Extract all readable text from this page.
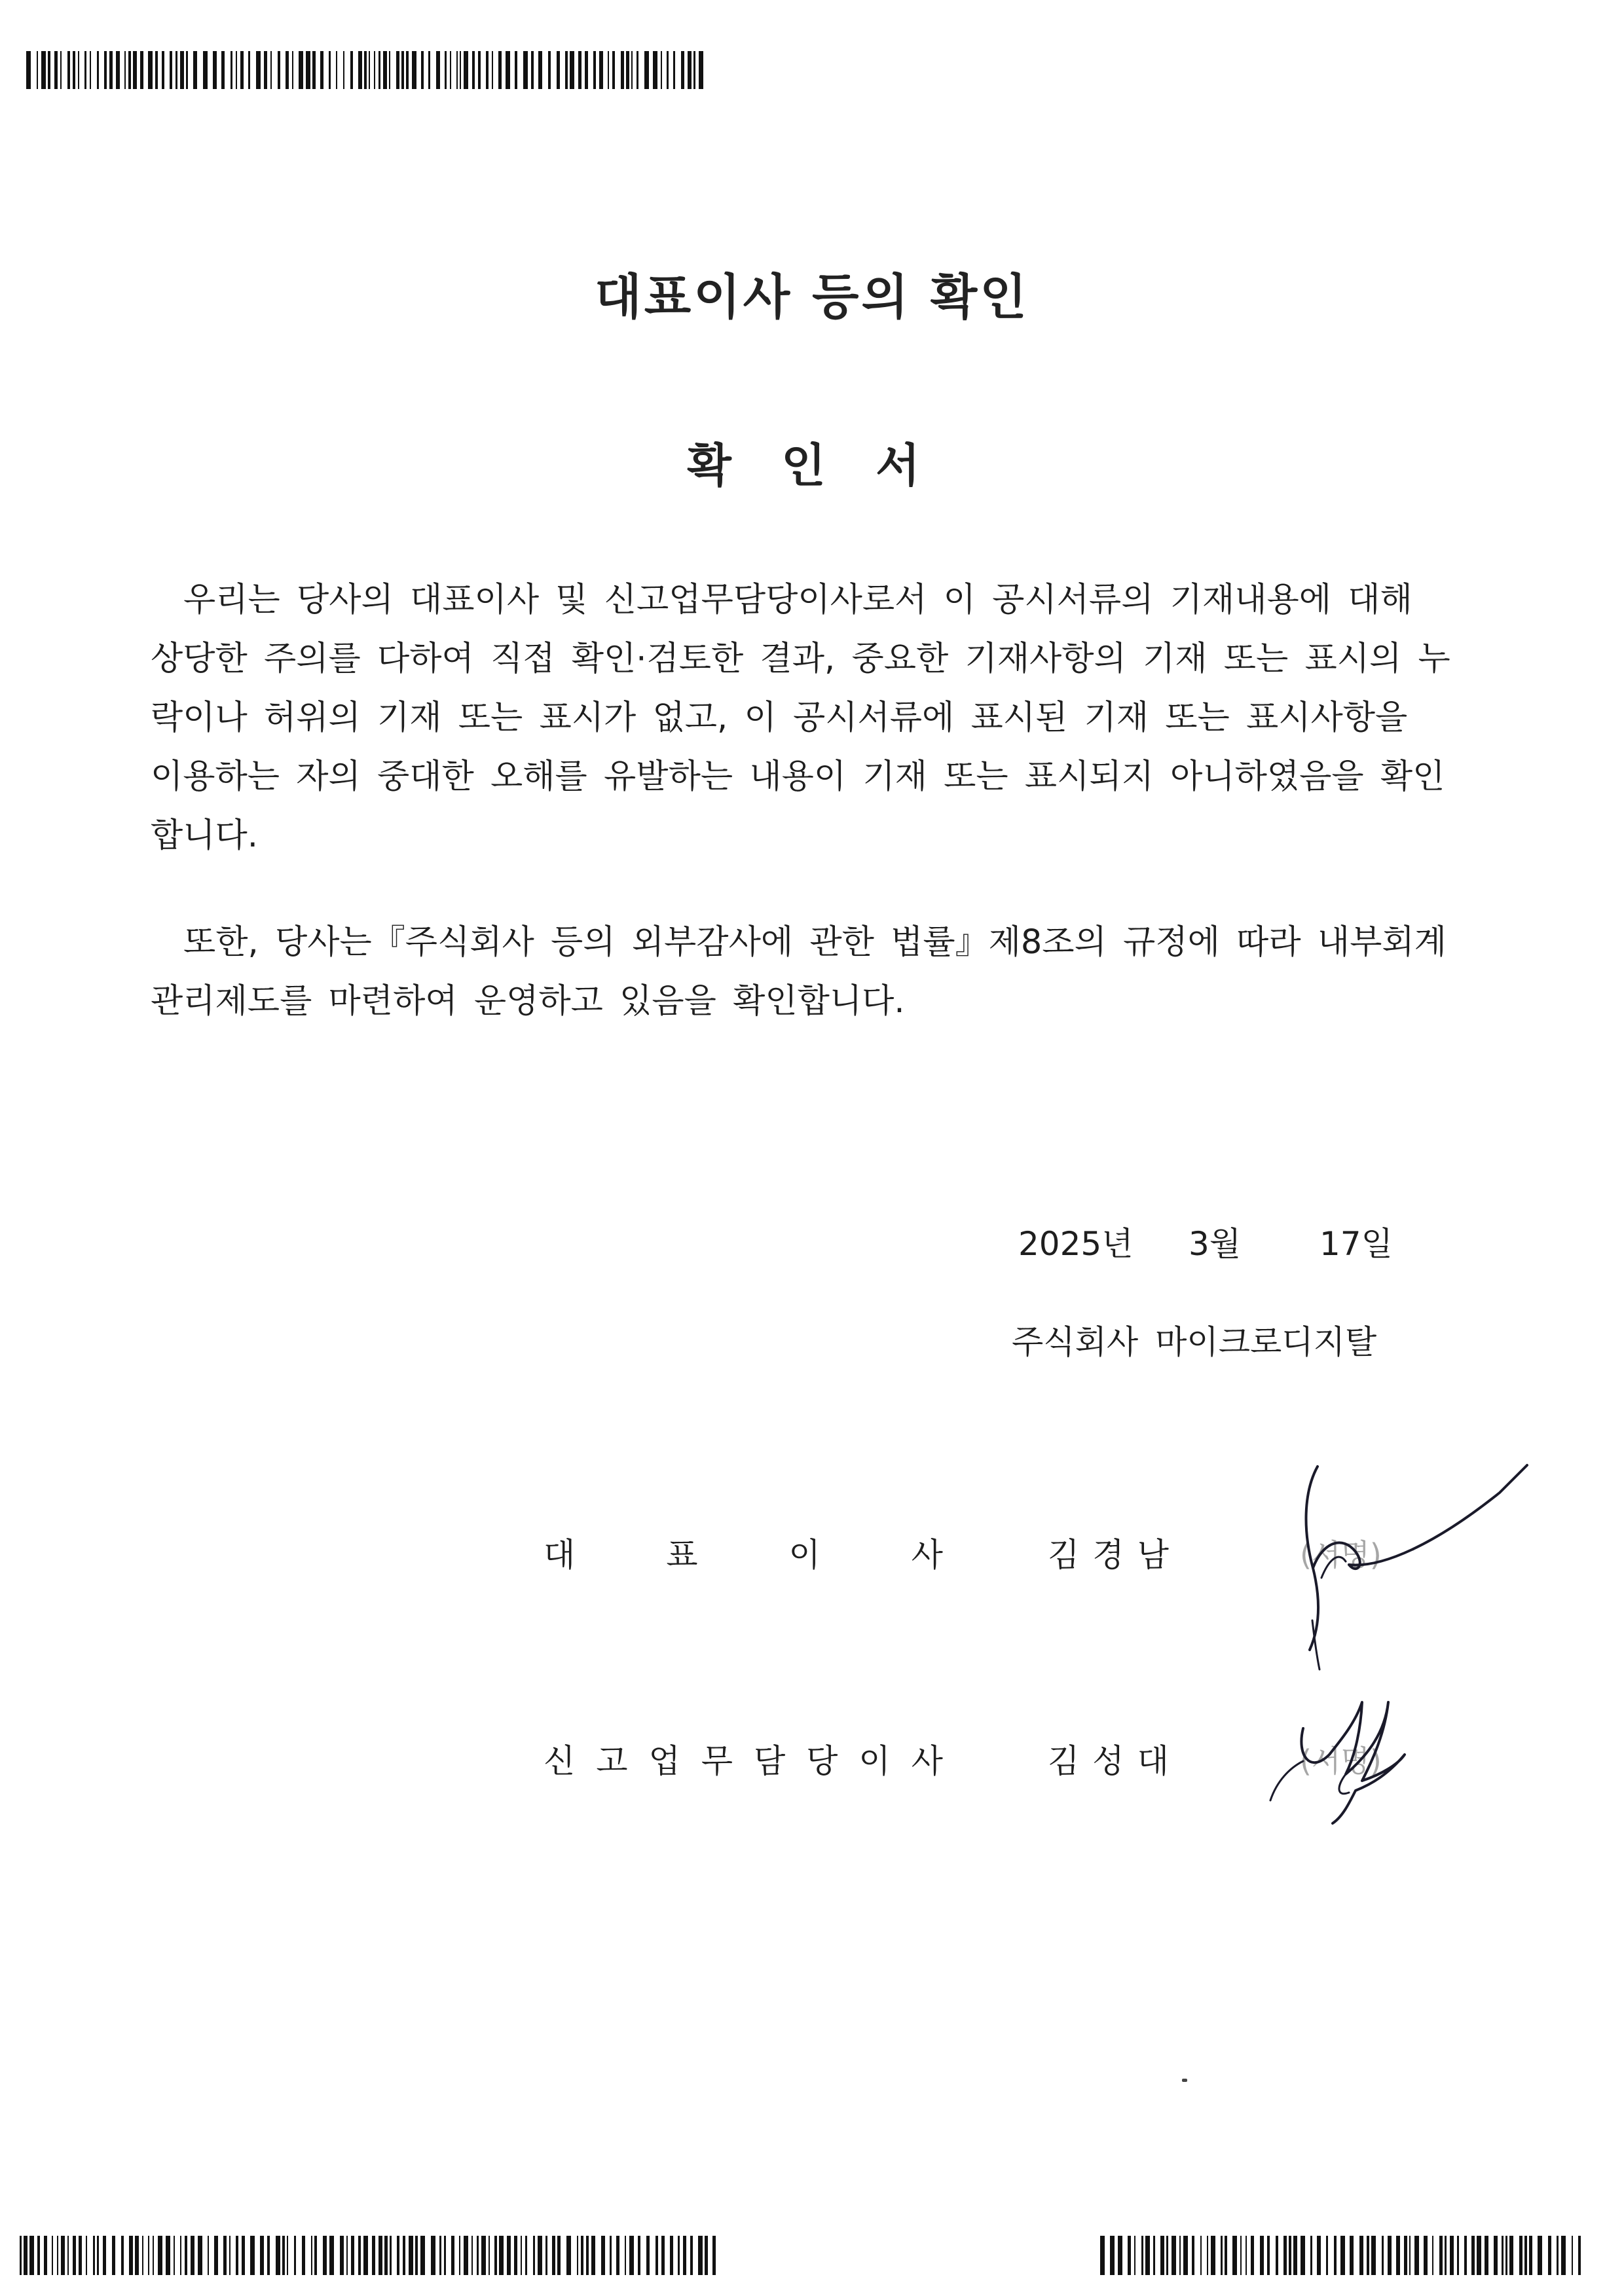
대표이사 등의 확인
확 인 서

우리는 당사의 대표이사 및 신고업무담당이사로서 이 공시서류의 기재내용에 대해
상당한 주의를 다하여 직접 확인·검토한 결과, 중요한 기재사항의 기재 또는 표시의 누
락이나 허위의 기재 또는 표시가 없고, 이 공시서류에 표시된 기재 또는 표시사항을
이용하는 자의 중대한 오해를 유발하는 내용이 기재 또는 표시되지 아니하였음을 확인
합니다.

또한, 당사는『주식회사 등의 외부감사에 관한 법률』제8조의 규정에 따라 내부회계
관리제도를 마련하여 운영하고 있음을 확인합니다.

2025년 3월 17일
주식회사 마이크로디지탈
대	표	이	사	김경남	(서명)
신 고 업 무 담 당 이 사	김성대	(서명)
